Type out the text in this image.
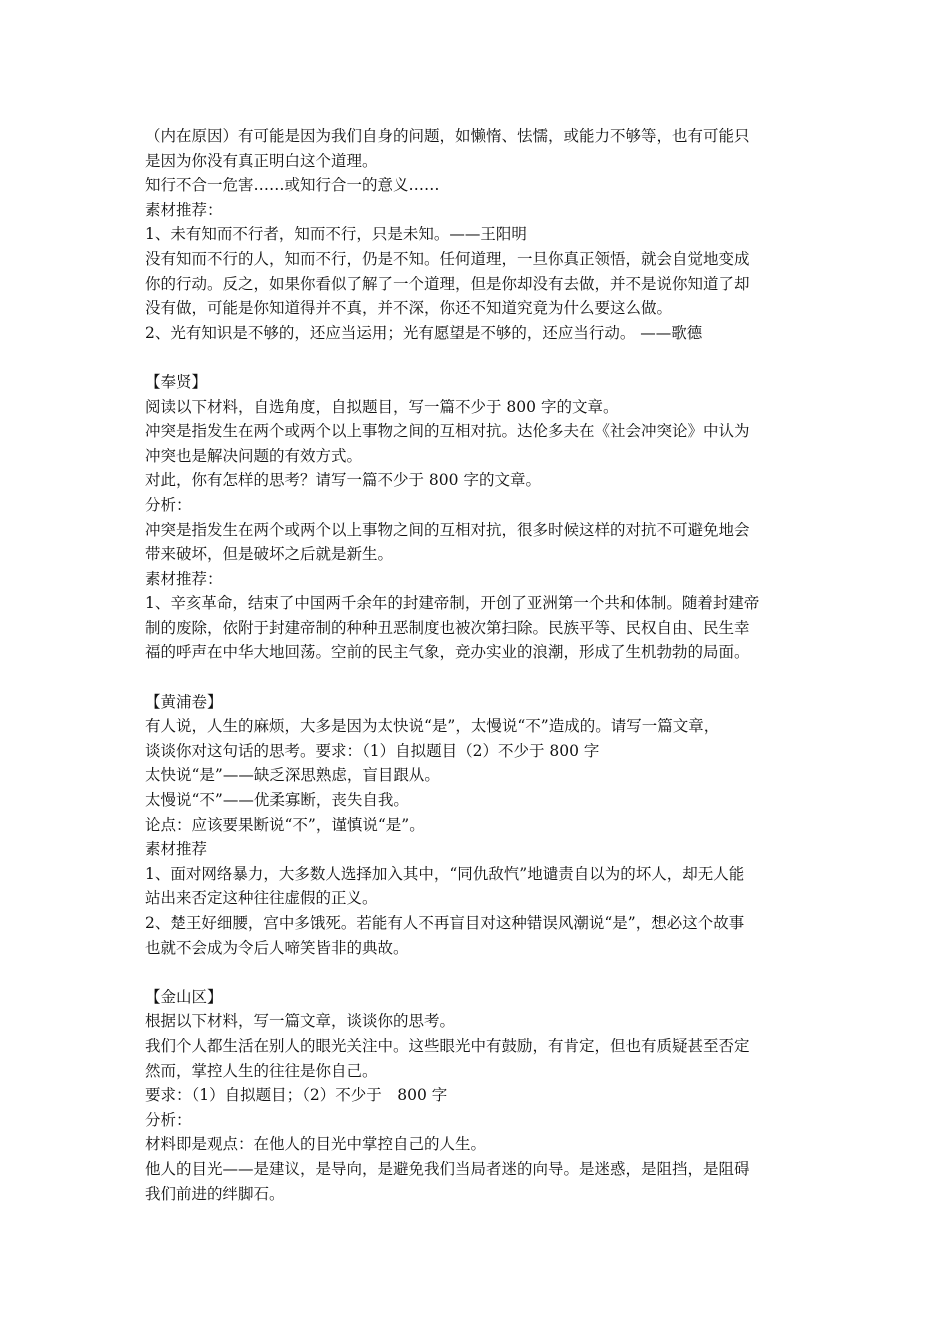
（内在原因）有可能是因为我们自身的问题，如懒惰、怯懦，或能力不够等，也有可能只
是因为你没有真正明白这个道理。
知行不合一危害……或知行合一的意义……
素材推荐：
1、未有知而不行者，知而不行，只是未知。——王阳明
没有知而不行的人，知而不行，仍是不知。任何道理，一旦你真正领悟，就会自觉地变成
你的行动。反之，如果你看似了解了一个道理，但是你却没有去做，并不是说你知道了却
没有做，可能是你知道得并不真，并不深，你还不知道究竟为什么要这么做。
2、光有知识是不够的，还应当运用；光有愿望是不够的，还应当行动。 ——歌德
【奉贤】
阅读以下材料，自选角度，自拟题目，写一篇不少于 800 字的文章。
冲突是指发生在两个或两个以上事物之间的互相对抗。达伦多夫在《社会冲突论》中认为
冲突也是解决问题的有效方式。
对此，你有怎样的思考？请写一篇不少于 800 字的文章。
分析：
冲突是指发生在两个或两个以上事物之间的互相对抗，很多时候这样的对抗不可避免地会
带来破坏，但是破坏之后就是新生。
素材推荐：
1、辛亥革命，结束了中国两千余年的封建帝制，开创了亚洲第一个共和体制。随着封建帝
制的废除，依附于封建帝制的种种丑恶制度也被次第扫除。民族平等、民权自由、民生幸
福的呼声在中华大地回荡。空前的民主气象，竞办实业的浪潮，形成了生机勃勃的局面。
【黄浦卷】
有人说，人生的麻烦，大多是因为太快说“是”，太慢说“不”造成的。请写一篇文章，
谈谈你对这句话的思考。要求：（1）自拟题目（2）不少于 800 字
太快说“是”——缺乏深思熟虑，盲目跟从。
太慢说“不”——优柔寡断，丧失自我。
论点：应该要果断说“不”，谨慎说“是”。
素材推荐
1、面对网络暴力，大多数人选择加入其中，“同仇敌忾”地谴责自以为的坏人，却无人能
站出来否定这种往往虚假的正义。
2、楚王好细腰，宫中多饿死。若能有人不再盲目对这种错误风潮说“是”，想必这个故事
也就不会成为令后人啼笑皆非的典故。
【金山区】
根据以下材料，写一篇文章，谈谈你的思考。
我们个人都生活在别人的眼光关注中。这些眼光中有鼓励，有肯定，但也有质疑甚至否定
然而，掌控人生的往往是你自己。
要求：（1）自拟题目；（2）不少于　800 字
分析：
材料即是观点：在他人的目光中掌控自己的人生。
他人的目光——是建议，是导向，是避免我们当局者迷的向导。是迷惑，是阻挡，是阻碍
我们前进的绊脚石。
